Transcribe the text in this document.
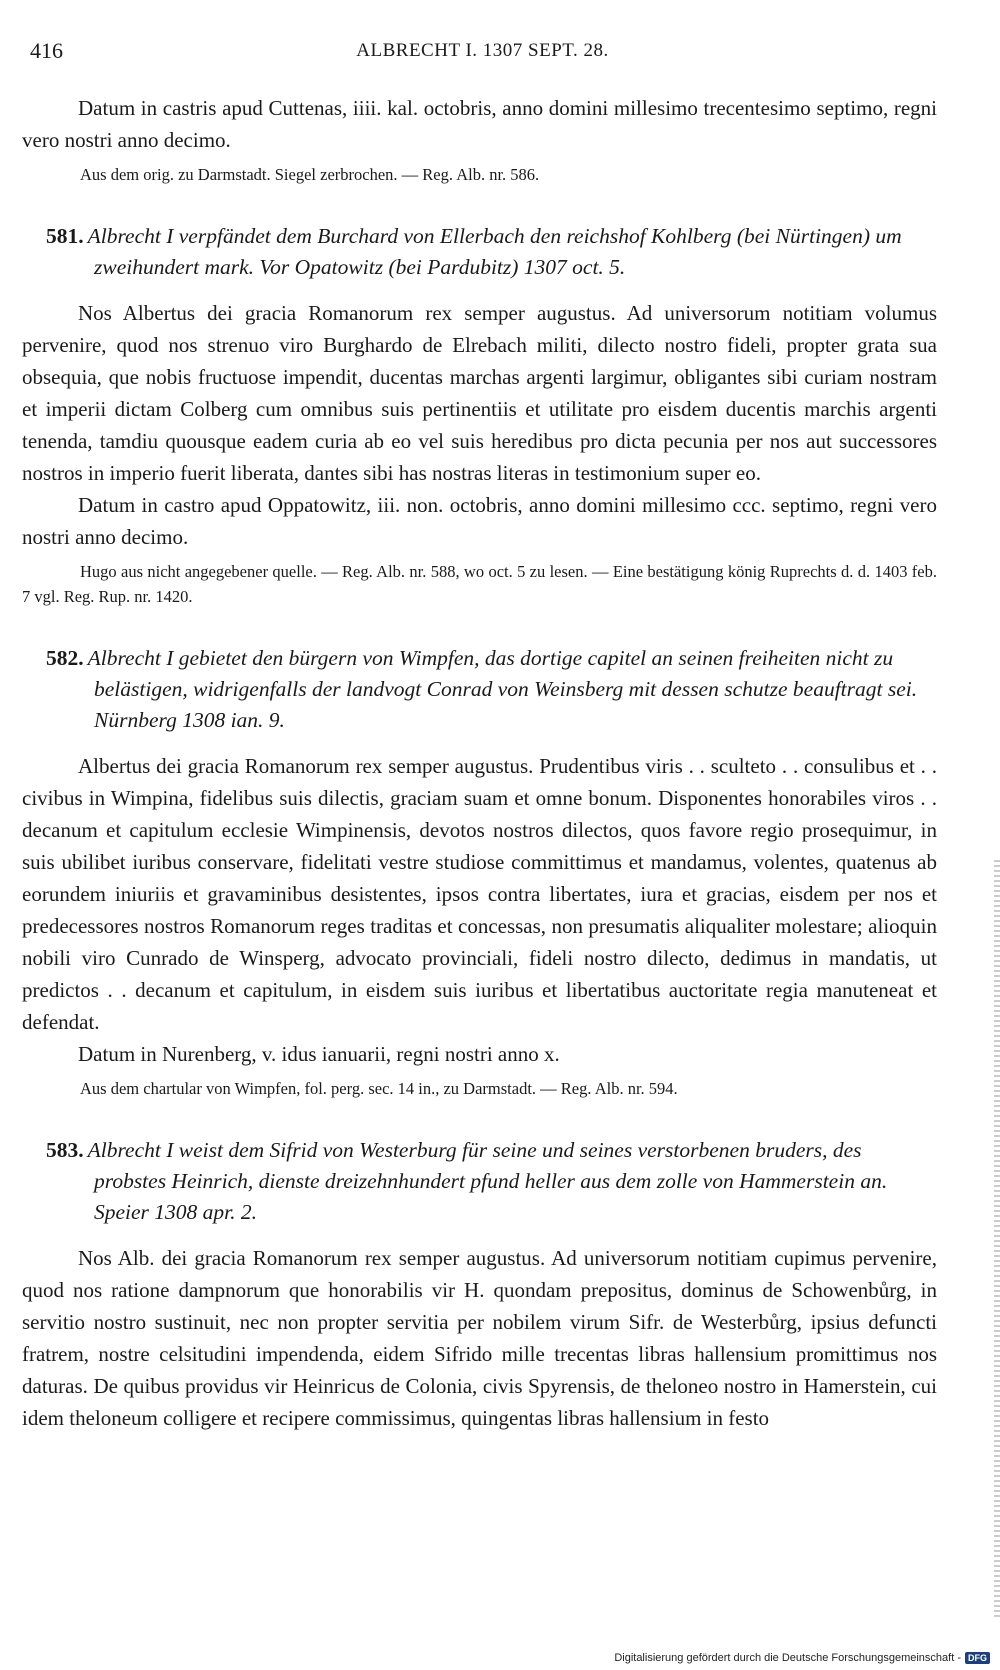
416	ALBRECHT I. 1307 SEPT. 28.

Datum in castris apud Cuttenas, iiii. kal. octobris, anno domini millesimo trecentesimo septimo, regni vero nostri anno decimo.

Aus dem orig. zu Darmstadt. Siegel zerbrochen. — Reg. Alb. nr. 586.

581. Albrecht I verpfändet dem Burchard von Ellerbach den reichshof Kohlberg (bei Nürtingen) um zweihundert mark. Vor Opatowitz (bei Pardubitz) 1307 oct. 5.

Nos Albertus dei gracia Romanorum rex semper augustus. Ad universorum notitiam volumus pervenire, quod nos strenuo viro Burghardo de Elrebach militi, dilecto nostro fideli, propter grata sua obsequia, que nobis fructuose impendit, ducentas marchas argenti largimur, obligantes sibi curiam nostram et imperii dictam Colberg cum omnibus suis pertinentiis et utilitate pro eisdem ducentis marchis argenti tenenda, tamdiu quousque eadem curia ab eo vel suis heredibus pro dicta pecunia per nos aut successores nostros in imperio fuerit liberata, dantes sibi has nostras literas in testimonium super eo.

Datum in castro apud Oppatowitz, iii. non. octobris, anno domini millesimo ccc. septimo, regni vero nostri anno decimo.

Hugo aus nicht angegebener quelle. — Reg. Alb. nr. 588, wo oct. 5 zu lesen. — Eine bestätigung könig Ruprechts d. d. 1403 feb. 7 vgl. Reg. Rup. nr. 1420.

582. Albrecht I gebietet den bürgern von Wimpfen, das dortige capitel an seinen freiheiten nicht zu belästigen, widrigenfalls der landvogt Conrad von Weinsberg mit dessen schutze beauftragt sei. Nürnberg 1308 ian. 9.

Albertus dei gracia Romanorum rex semper augustus. Prudentibus viris . . sculteto . . consulibus et . . civibus in Wimpina, fidelibus suis dilectis, graciam suam et omne bonum. Disponentes honorabiles viros . . decanum et capitulum ecclesie Wimpinensis, devotos nostros dilectos, quos favore regio prosequimur, in suis ubilibet iuribus conservare, fidelitati vestre studiose committimus et mandamus, volentes, quatenus ab eorundem iniuriis et gravaminibus desistentes, ipsos contra libertates, iura et gracias, eisdem per nos et predecessores nostros Romanorum reges traditas et concessas, non presumatis aliqualiter molestare; alioquin nobili viro Cunrado de Winsperg, advocato provinciali, fideli nostro dilecto, dedimus in mandatis, ut predictos . . decanum et capitulum, in eisdem suis iuribus et libertatibus auctoritate regia manuteneat et defendat.

Datum in Nurenberg, v. idus ianuarii, regni nostri anno x.

Aus dem chartular von Wimpfen, fol. perg. sec. 14 in., zu Darmstadt. — Reg. Alb. nr. 594.

583. Albrecht I weist dem Sifrid von Westerburg für seine und seines verstorbenen bruders, des probstes Heinrich, dienste dreizehnhundert pfund heller aus dem zolle von Hammerstein an. Speier 1308 apr. 2.

Nos Alb. dei gracia Romanorum rex semper augustus. Ad universorum notitiam cupimus pervenire, quod nos ratione dampnorum que honorabilis vir H. quondam prepositus, dominus de Schowenbůrg, in servitio nostro sustinuit, nec non propter servitia per nobilem virum Sifr. de Westerbůrg, ipsius defuncti fratrem, nostre celsitudini impendenda, eidem Sifrido mille trecentas libras hallensium promittimus nos daturas. De quibus providus vir Heinricus de Colonia, civis Spyrensis, de theloneo nostro in Hamerstein, cui idem theloneum colligere et recipere commissimus, quingentas libras hallensium in festo

Digitalisierung gefördert durch die Deutsche Forschungsgemeinschaft - DFG
